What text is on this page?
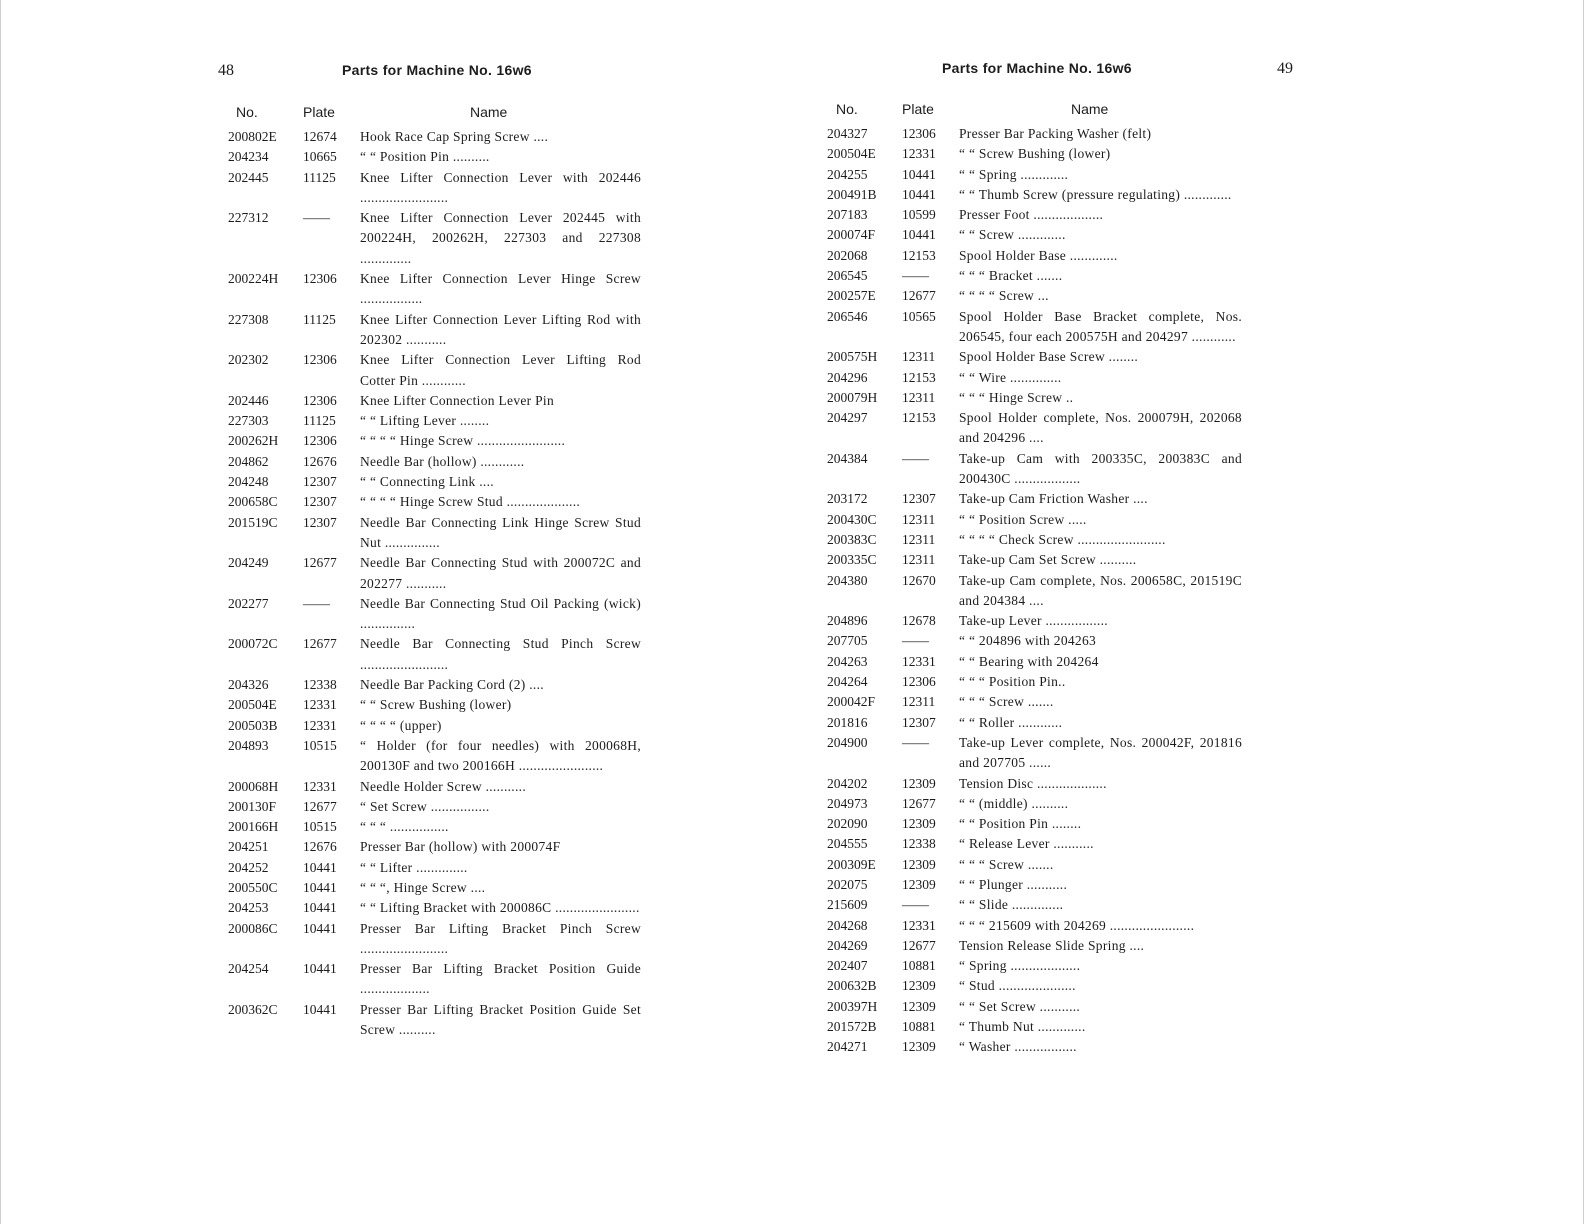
48	Parts for Machine No. 16w6
No.	Plate	Name
200802E	12674	Hook Race Cap Spring Screw ....
204234	10665	“ “ Position Pin ..........
202445	11125	Knee Lifter Connection Lever with 202446 ........................
227312	——	Knee Lifter Connection Lever 202445 with 200224H, 200262H, 227303 and 227308 ..............
200224H	12306	Knee Lifter Connection Lever Hinge Screw .................
227308	11125	Knee Lifter Connection Lever Lifting Rod with 202302 ...........
202302	12306	Knee Lifter Connection Lever Lifting Rod Cotter Pin ............
202446	12306	Knee Lifter Connection Lever Pin
227303	11125	“ “ Lifting Lever ........
200262H	12306	“ “ “ “ Hinge Screw ........................
204862	12676	Needle Bar (hollow) ............
204248	12307	“ “ Connecting Link ....
200658C	12307	“ “ “ “ Hinge Screw Stud ....................
201519C	12307	Needle Bar Connecting Link Hinge Screw Stud Nut ...............
204249	12677	Needle Bar Connecting Stud with 200072C and 202277 ...........
202277	——	Needle Bar Connecting Stud Oil Packing (wick) ...............
200072C	12677	Needle Bar Connecting Stud Pinch Screw ........................
204326	12338	Needle Bar Packing Cord (2) ....
200504E	12331	“ “ Screw Bushing (lower)
200503B	12331	“ “ “ “ (upper)
204893	10515	“ Holder (for four needles) with 200068H, 200130F and two 200166H .......................
200068H	12331	Needle Holder Screw ...........
200130F	12677	“ Set Screw ................
200166H	10515	“ “ “ ................
204251	12676	Presser Bar (hollow) with 200074F
204252	10441	“ “ Lifter ..............
200550C	10441	“ “ “, Hinge Screw ....
204253	10441	“ “ Lifting Bracket with 200086C .......................
200086C	10441	Presser Bar Lifting Bracket Pinch Screw ........................
204254	10441	Presser Bar Lifting Bracket Position Guide ...................
200362C	10441	Presser Bar Lifting Bracket Position Guide Set Screw ..........
49
Parts for Machine No. 16w6
No.	Plate	Name
204327	12306	Presser Bar Packing Washer (felt)
200504E	12331	“ “ Screw Bushing (lower)
204255	10441	“ “ Spring .............
200491B	10441	“ “ Thumb Screw (pressure regulating) .............
207183	10599	Presser Foot ...................
200074F	10441	“ “ Screw .............
202068	12153	Spool Holder Base .............
206545	——	“ “ “ Bracket .......
200257E	12677	“ “ “ “ Screw ...
206546	10565	Spool Holder Base Bracket complete, Nos. 206545, four each 200575H and 204297 ............
200575H	12311	Spool Holder Base Screw ........
204296	12153	“ “ Wire ..............
200079H	12311	“ “ “ Hinge Screw ..
204297	12153	Spool Holder complete, Nos. 200079H, 202068 and 204296 ....
204384	——	Take-up Cam with 200335C, 200383C and 200430C ..................
203172	12307	Take-up Cam Friction Washer ....
200430C	12311	“ “ Position Screw .....
200383C	12311	“ “ “ “ Check Screw ........................
200335C	12311	Take-up Cam Set Screw ..........
204380	12670	Take-up Cam complete, Nos. 200658C, 201519C and 204384 ....
204896	12678	Take-up Lever .................
207705	——	“ “ 204896 with 204263
204263	12331	“ “ Bearing with 204264
204264	12306	“ “ “ Position Pin..
200042F	12311	“ “ “ Screw .......
201816	12307	“ “ Roller ............
204900	——	Take-up Lever complete, Nos. 200042F, 201816 and 207705 ......
204202	12309	Tension Disc ...................
204973	12677	“ “ (middle) ..........
202090	12309	“ “ Position Pin ........
204555	12338	“ Release Lever ...........
200309E	12309	“ “ “ Screw .......
202075	12309	“ “ Plunger ...........
215609	——	“ “ Slide ..............
204268	12331	“ “ “ 215609 with 204269 .......................
204269	12677	Tension Release Slide Spring ....
202407	10881	“ Spring ...................
200632B	12309	“ Stud .....................
200397H	12309	“ “ Set Screw ...........
201572B	10881	“ Thumb Nut .............
204271	12309	“ Washer .................
